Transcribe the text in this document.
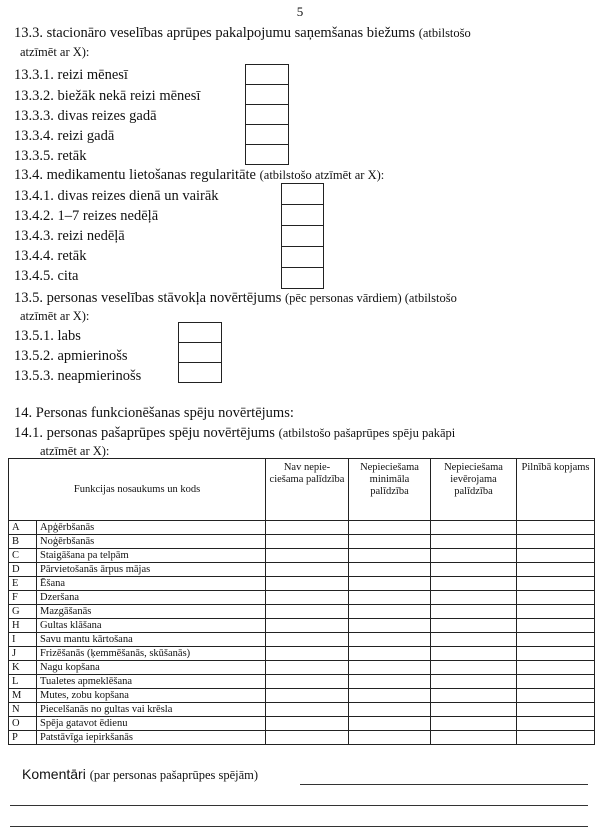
5
13.3. stacionāro veselības aprūpes pakalpojumu saņemšanas biežums (atbilstošo
atzīmēt ar X):
13.3.1. reizi mēnesī
13.3.2. biežāk nekā reizi mēnesī
13.3.3. divas reizes gadā
13.3.4. reizi gadā
13.3.5. retāk
13.4. medikamentu lietošanas regularitāte (atbilstošo atzīmēt ar X):
13.4.1. divas reizes dienā un vairāk
13.4.2. 1–7 reizes nedēļā
13.4.3. reizi nedēļā
13.4.4. retāk
13.4.5. cita
13.5. personas veselības stāvokļa novērtējums (pēc personas vārdiem) (atbilstošo
atzīmēt ar X):
13.5.1. labs
13.5.2. apmierinošs
13.5.3. neapmierinošs
14. Personas funkcionēšanas spēju novērtējums:
14.1. personas pašaprūpes spēju novērtējums (atbilstošo pašaprūpes spēju pakāpi
atzīmēt ar X):
Funkcijas nosaukums un kods		Nav nepie-ciešama palīdzība	Nepieciešama minimāla palīdzība	Nepieciešama ievērojama palīdzība	Pilnībā kopjams
A	Apģērbšanās				
B	Noģērbšanās				
C	Staigāšana pa telpām				
D	Pārvietošanās ārpus mājas				
E	Ēšana				
F	Dzeršana				
G	Mazgāšanās				
H	Gultas klāšana				
I	Savu mantu kārtošana				
J	Frizēšanās (ķemmēšanās, skūšanās)				
K	Nagu kopšana				
L	Tualetes apmeklēšana				
M	Mutes, zobu kopšana				
N	Piecelšanās no gultas vai krēsla				
O	Spēja gatavot ēdienu				
P	Patstāvīga iepirkšanās				
Komentāri (par personas pašaprūpes spējām)
